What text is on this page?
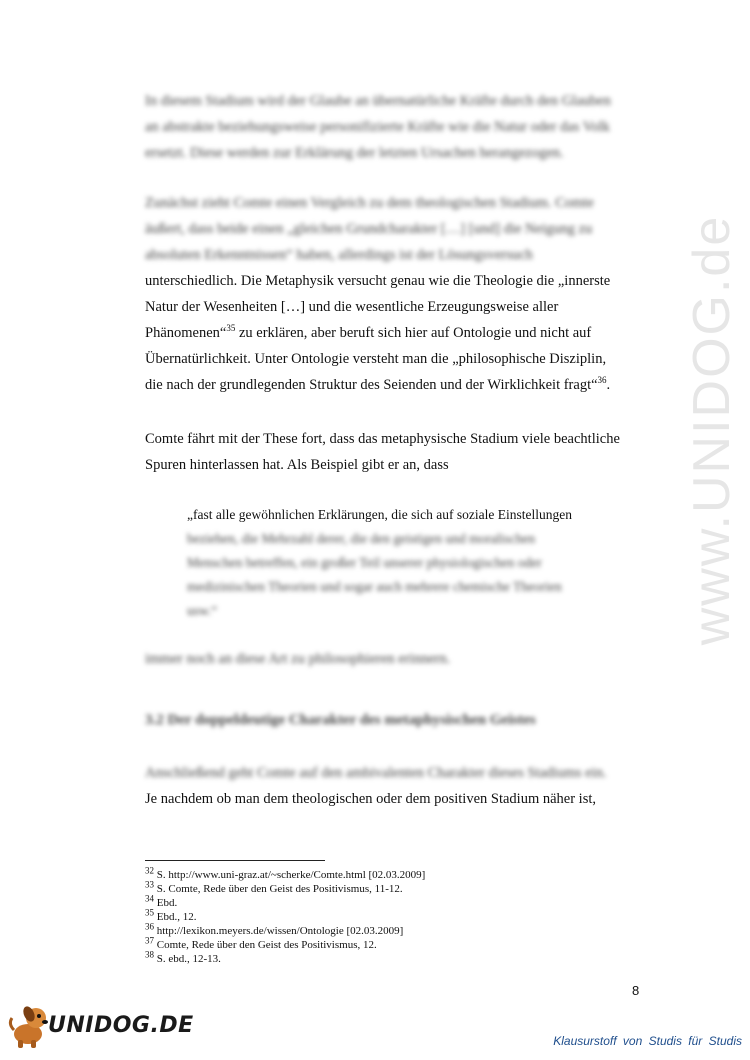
www.UNIDOG.de
In diesem Stadium wird der Glaube an übernatürliche Kräfte durch den Glauben
an abstrakte beziehungsweise personifizierte Kräfte wie die Natur oder das Volk
ersetzt. Diese werden zur Erklärung der letzten Ursachen herangezogen.
Zunächst zieht Comte einen Vergleich zu dem theologischen Stadium. Comte
äußert, dass beide einen „gleichen Grundcharakter […] [und] die Neigung zu
absoluten Erkenntnissen“ haben, allerdings ist der Lösungsversuch
unterschiedlich. Die Metaphysik versucht genau wie die Theologie die „innerste
Natur der Wesenheiten […] und die wesentliche Erzeugungsweise aller
Phänomenen“$^{35}$ zu erklären, aber beruft sich hier auf Ontologie und nicht auf
Übernatürlichkeit. Unter Ontologie versteht man die „philosophische Disziplin,
die nach der grundlegenden Struktur des Seienden und der Wirklichkeit fragt“$^{36}$.
Comte fährt mit der These fort, dass das metaphysische Stadium viele beachtliche
Spuren hinterlassen hat. Als Beispiel gibt er an, dass
„fast alle gewöhnlichen Erklärungen, die sich auf soziale Einstellungen
beziehen, die Mehrzahl derer, die den geistigen und moralischen
Menschen betreffen, ein großer Teil unserer physiologischen oder
medizinischen Theorien und sogar auch mehrere chemische Theorien
usw.“
immer noch an diese Art zu philosophieren erinnern.
3.2 Der doppeldeutige Charakter des metaphysischen Geistes
Anschließend geht Comte auf den ambivalenten Charakter dieses Stadiums ein.
Je nachdem ob man dem theologischen oder dem positiven Stadium näher ist,
$^{32}$ S. http://www.uni-graz.at/~scherke/Comte.html [02.03.2009]
$^{33}$ S. Comte, Rede über den Geist des Positivismus, 11-12.
$^{34}$ Ebd.
$^{35}$ Ebd., 12.
$^{36}$ http://lexikon.meyers.de/wissen/Ontologie [02.03.2009]
$^{37}$ Comte, Rede über den Geist des Positivismus, 12.
$^{38}$ S. ebd., 12-13.
8
UNIDOG.DE
Klausurstoff von Studis für Studis
